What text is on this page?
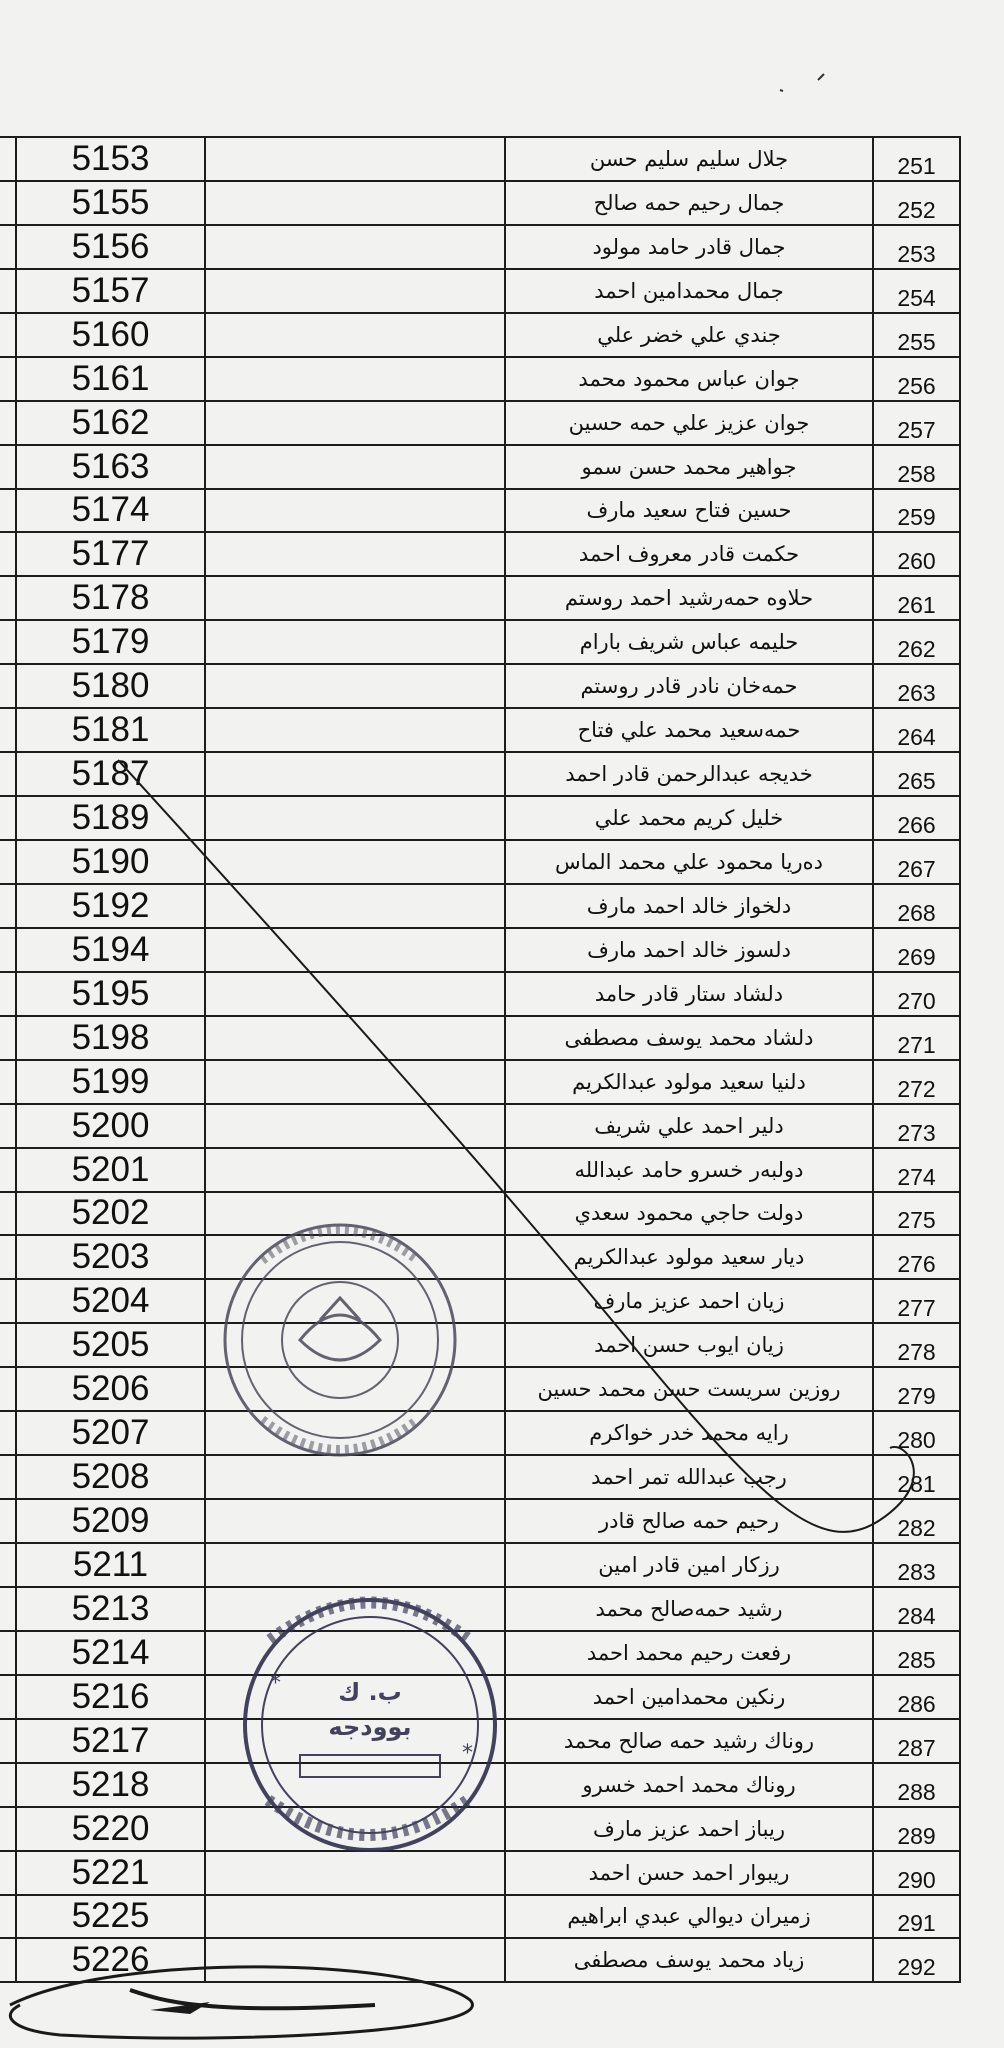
	5153		جلال سليم سليم حسن	251
	5155		جمال رحيم حمه صالح	252
	5156		جمال قادر حامد مولود	253
	5157		جمال محمدامين احمد	254
	5160		جندي علي خضر علي	255
	5161		جوان عباس محمود محمد	256
	5162		جوان عزيز علي حمه حسين	257
	5163		جواهير محمد حسن سمو	258
	5174		حسين فتاح سعيد مارف	259
	5177		حكمت قادر معروف احمد	260
	5178		حلاوه حمه‌رشيد احمد روستم	261
	5179		حليمه عباس شريف بارام	262
	5180		حمه‌خان نادر قادر روستم	263
	5181		حمه‌سعيد محمد علي فتاح	264
	5187		خديجه عبدالرحمن قادر احمد	265
	5189		خليل كريم محمد علي	266
	5190		ده‌ريا محمود علي محمد الماس	267
	5192		دلخواز خالد احمد مارف	268
	5194		دلسوز خالد احمد مارف	269
	5195		دلشاد ستار قادر حامد	270
	5198		دلشاد محمد يوسف مصطفى	271
	5199		دلنيا سعيد مولود عبدالكريم	272
	5200		دلير احمد علي شريف	273
	5201		دولبه‌ر خسرو حامد عبدالله	274
	5202		دولت حاجي محمود سعدي	275
	5203		ديار سعيد مولود عبدالكريم	276
	5204		زيان احمد عزيز مارف	277
	5205		زيان ايوب حسن احمد	278
	5206		روزين سريست حسن محمد حسين	279
	5207		رايه محمد خدر خواكرم	280
	5208		رجب عبدالله تمر احمد	281
	5209		رحيم حمه صالح قادر	282
	5211		رزكار امين قادر امين	283
	5213		رشيد حمه‌صالح محمد	284
	5214		رفعت رحيم محمد احمد	285
	5216		رنكين محمدامين احمد	286
	5217		روناك رشيد حمه صالح محمد	287
	5218		روناك محمد احمد خسرو	288
	5220		ريباز احمد عزيز مارف	289
	5221		ريبوار احمد حسن احمد	290
	5225		زميران ديوالي عبدي ابراهيم	291
	5226		زياد محمد يوسف مصطفى	292
ب. ك
بوودجه
*
*
